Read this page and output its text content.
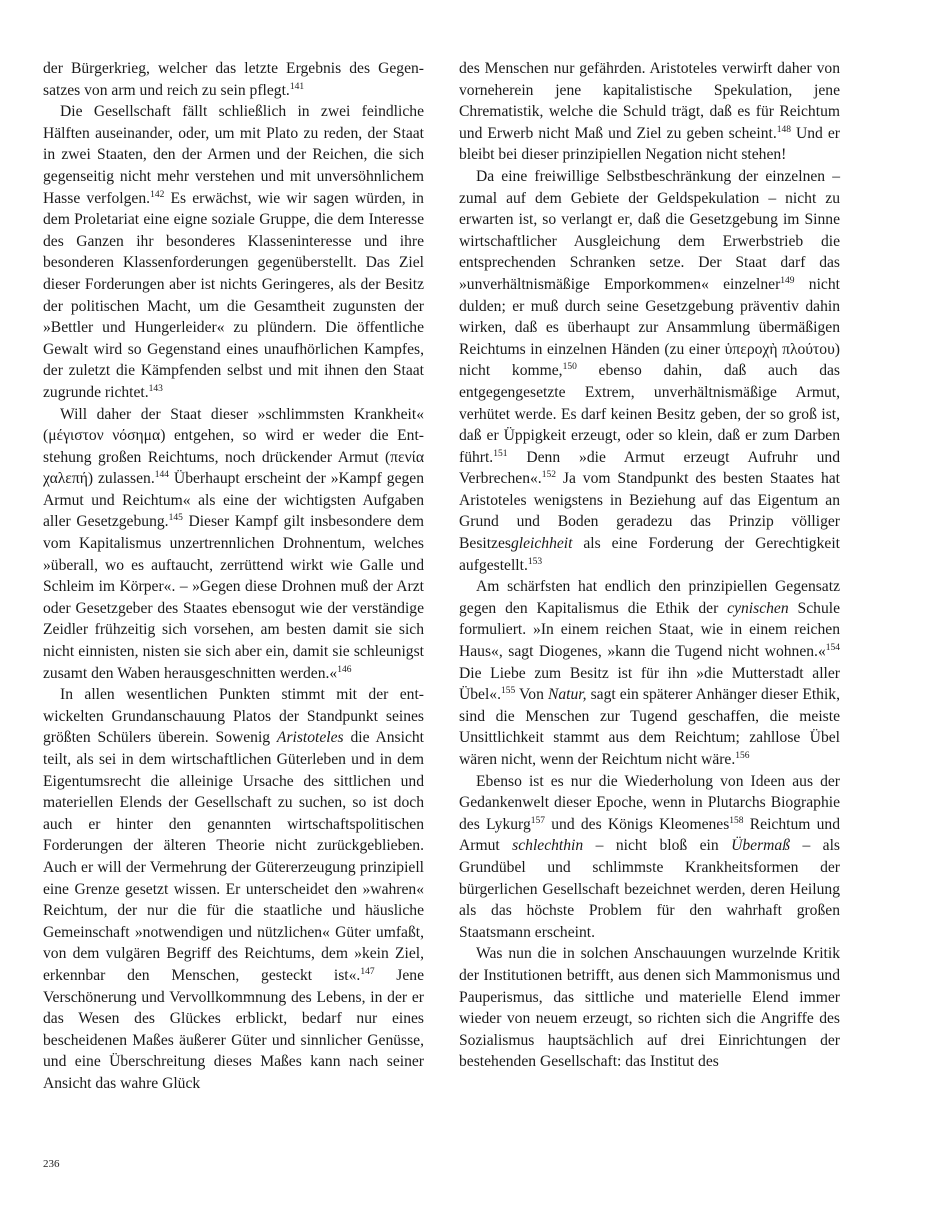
der Bürgerkrieg, welcher das letzte Ergebnis des Gegensatzes von arm und reich zu sein pflegt.$^{141}$

Die Gesellschaft fällt schließlich in zwei feindliche Hälften auseinander, oder, um mit Plato zu reden, der Staat in zwei Staaten, den der Armen und der Reichen, die sich gegenseitig nicht mehr verstehen und mit unversöhnlichem Hasse verfolgen.$^{142}$ Es erwächst, wie wir sagen würden, in dem Proletariat eine eigne soziale Gruppe, die dem Interesse des Ganzen ihr besonderes Klasseninteresse und ihre besonderen Klassenforderungen gegenüberstellt. Das Ziel dieser Forderungen aber ist nichts Geringeres, als der Besitz der politischen Macht, um die Gesamtheit zugunsten der »Bettler und Hungerleider« zu plündern. Die öffentliche Gewalt wird so Gegenstand eines unaufhörlichen Kampfes, der zuletzt die Kämpfenden selbst und mit ihnen den Staat zugrunde richtet.$^{143}$

Will daher der Staat dieser »schlimmsten Krankheit« (μέγιστον νόσημα) entgehen, so wird er weder die Entstehung großen Reichtums, noch drückender Armut (πενία χαλεπή) zulassen.$^{144}$ Überhaupt erscheint der »Kampf gegen Armut und Reichtum« als eine der wichtigsten Aufgaben aller Gesetzgebung.$^{145}$ Dieser Kampf gilt insbesondere dem vom Kapitalismus unzertrennlichen Drohnentum, welches »überall, wo es auftaucht, zerrüttend wirkt wie Galle und Schleim im Körper«. – »Gegen diese Drohnen muß der Arzt oder Gesetzgeber des Staates ebensogut wie der verständige Zeidler frühzeitig sich vorsehen, am besten damit sie sich nicht einnisten, nisten sie sich aber ein, damit sie schleunigst zusamt den Waben herausgeschnitten werden.«$^{146}$

In allen wesentlichen Punkten stimmt mit der entwickelten Grundanschauung Platos der Standpunkt seines größten Schülers überein. Sowenig Aristoteles die Ansicht teilt, als sei in dem wirtschaftlichen Güterleben und in dem Eigentumsrecht die alleinige Ursache des sittlichen und materiellen Elends der Gesellschaft zu suchen, so ist doch auch er hinter den genannten wirtschaftspolitischen Forderungen der älteren Theorie nicht zurückgeblieben. Auch er will der Vermehrung der Gütererzeugung prinzipiell eine Grenze gesetzt wissen. Er unterscheidet den »wahren« Reichtum, der nur die für die staatliche und häusliche Gemeinschaft »notwendigen und nützlichen« Güter umfaßt, von dem vulgären Begriff des Reichtums, dem »kein Ziel, erkennbar den Menschen, gesteckt ist«.$^{147}$ Jene Verschönerung und Vervollkommnung des Lebens, in der er das Wesen des Glückes erblickt, bedarf nur eines bescheidenen Maßes äußerer Güter und sinnlicher Genüsse, und eine Überschreitung dieses Maßes kann nach seiner Ansicht das wahre Glück

des Menschen nur gefährden. Aristoteles verwirft daher von vorneherein jene kapitalistische Spekulation, jene Chrematistik, welche die Schuld trägt, daß es für Reichtum und Erwerb nicht Maß und Ziel zu geben scheint.$^{148}$ Und er bleibt bei dieser prinzipiellen Negation nicht stehen!

Da eine freiwillige Selbstbeschränkung der einzelnen – zumal auf dem Gebiete der Geldspekulation – nicht zu erwarten ist, so verlangt er, daß die Gesetzgebung im Sinne wirtschaftlicher Ausgleichung dem Erwerbstrieb die entsprechenden Schranken setze. Der Staat darf das »unverhältnismäßige Emporkommen« einzelner$^{149}$ nicht dulden; er muß durch seine Gesetzgebung präventiv dahin wirken, daß es überhaupt zur Ansammlung übermäßigen Reichtums in einzelnen Händen (zu einer ὑπεροχὴ πλούτου) nicht komme,$^{150}$ ebenso dahin, daß auch das entgegengesetzte Extrem, unverhältnismäßige Armut, verhütet werde. Es darf keinen Besitz geben, der so groß ist, daß er Üppigkeit erzeugt, oder so klein, daß er zum Darben führt.$^{151}$ Denn »die Armut erzeugt Aufruhr und Verbrechen«.$^{152}$ Ja vom Standpunkt des besten Staates hat Aristoteles wenigstens in Beziehung auf das Eigentum an Grund und Boden geradezu das Prinzip völliger Besitzesgleichheit als eine Forderung der Gerechtigkeit aufgestellt.$^{153}$

Am schärfsten hat endlich den prinzipiellen Gegensatz gegen den Kapitalismus die Ethik der cynischen Schule formuliert. »In einem reichen Staat, wie in einem reichen Haus«, sagt Diogenes, »kann die Tugend nicht wohnen.«$^{154}$ Die Liebe zum Besitz ist für ihn »die Mutterstadt aller Übel«.$^{155}$ Von Natur, sagt ein späterer Anhänger dieser Ethik, sind die Menschen zur Tugend geschaffen, die meiste Unsittlichkeit stammt aus dem Reichtum; zahllose Übel wären nicht, wenn der Reichtum nicht wäre.$^{156}$

Ebenso ist es nur die Wiederholung von Ideen aus der Gedankenwelt dieser Epoche, wenn in Plutarchs Biographie des Lykurg$^{157}$ und des Königs Kleomenes$^{158}$ Reichtum und Armut schlechthin – nicht bloß ein Übermaß – als Grundübel und schlimmste Krankheitsformen der bürgerlichen Gesellschaft bezeichnet werden, deren Heilung als das höchste Problem für den wahrhaft großen Staatsmann erscheint.

Was nun die in solchen Anschauungen wurzelnde Kritik der Institutionen betrifft, aus denen sich Mammonismus und Pauperismus, das sittliche und materielle Elend immer wieder von neuem erzeugt, so richten sich die Angriffe des Sozialismus hauptsächlich auf drei Einrichtungen der bestehenden Gesellschaft: das Institut des

236
